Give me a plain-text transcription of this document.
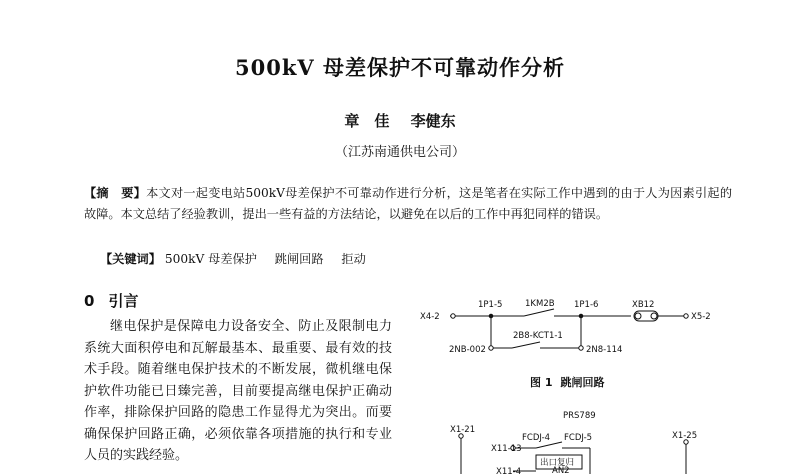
500kV 母差保护不可靠动作分析
章　佳 李健东
（江苏南通供电公司）
【摘　要】本文对一起变电站500kV母差保护不可靠动作进行分析，这是笔者在实际工作中遇到的由于人为因素引起的故障。本文总结了经验教训，提出一些有益的方法结论，以避免在以后的工作中再犯同样的错误。
【关键词】 500kV 母差保护 跳闸回路 拒动
0 引言

继电保护是保障电力设备安全、防止及限制电力系统大面积停电和瓦解最基本、最重要、最有效的技术手段。随着继电保护技术的不断发展，微机继电保护软件功能已日臻完善，目前要提高继电保护正确动作率，排除保护回路的隐患工作显得尤为突出。而要确保保护回路正确，必须依靠各项措施的执行和专业人员的实践经验。

X4-2
1P1-5	1KM2B 1P1-6	XB12
X5-2
2NB-002
2B8-KCT1-1
2N8-114
PRS789
X1-21
X1-25
X11-13
FCDJ-4 FCDJ-5
出口复归
AN2
X11-4
图 1 跳闸回路
